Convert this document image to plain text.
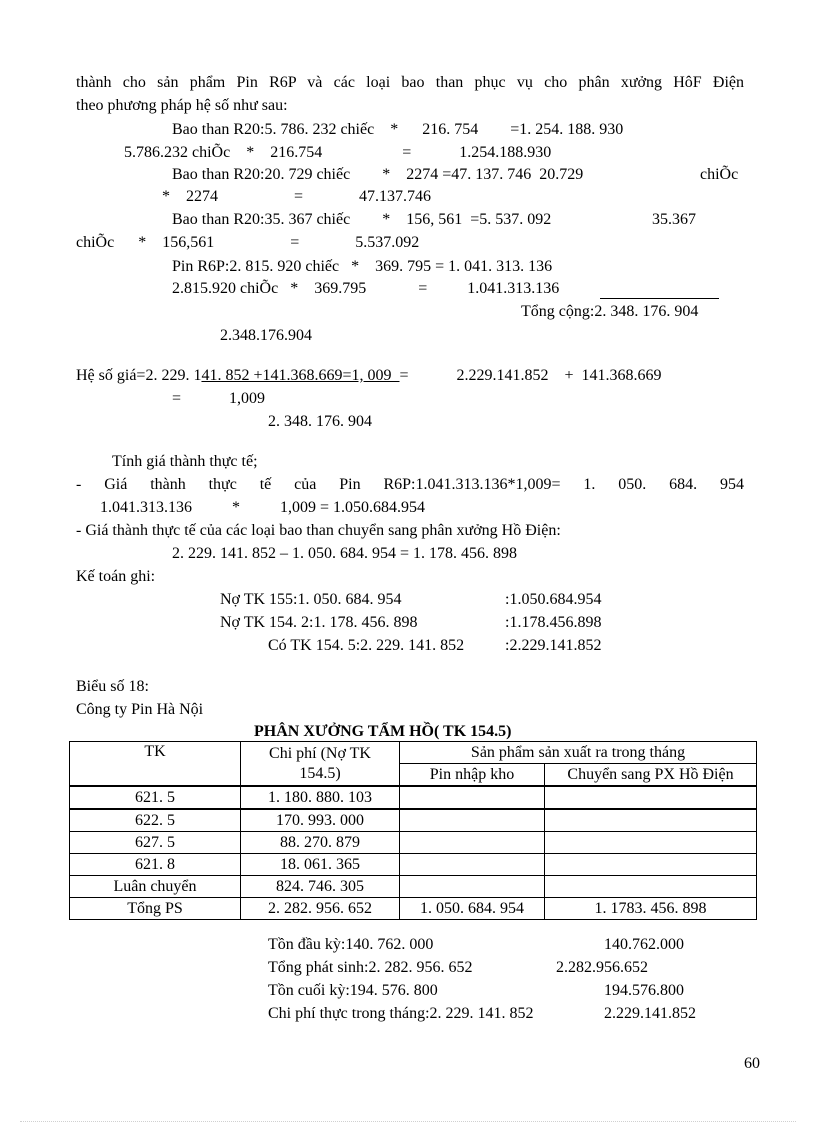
thành cho sản phẩm Pin R6P và các loại bao than phục vụ cho phân xưởng HôF Điện
theo phương pháp hệ số như sau:
Bao than R20:5. 786. 232 chiếc    *      216. 754        =1. 254. 188. 930
5.786.232 chiÕc    *    216.754                    =            1.254.188.930
Bao than R20:20. 729 chiếc        *    2274 =47. 137. 746  20.729	chiÕc
*    2274                   =              47.137.746
Bao than R20:35. 367 chiếc        *    156, 561  =5. 537. 092	35.367
chiÕc      *    156,561                   =              5.537.092
Pin R6P:2. 815. 920 chiếc   *    369. 795 = 1. 041. 313. 136
2.815.920 chiÕc   *    369.795             =          1.041.313.136
Tổng cộng:2. 348. 176. 904
2.348.176.904
Hệ số giá=2. 229. 141. 852 +141.368.669=1, 009  =            2.229.141.852    +  141.368.669
=            1,009
2. 348. 176. 904
Tính giá thành thực tế;
- Giá thành thực tế của Pin R6P:1.041.313.136*1,009= 1. 050. 684. 954
1.041.313.136          *          1,009 = 1.050.684.954
- Giá thành thực tế của các loại bao than chuyển sang phân xưởng Hồ Điện:
2. 229. 141. 852 – 1. 050. 684. 954 = 1. 178. 456. 898
Kế toán ghi:
Nợ TK 155:1. 050. 684. 954	:1.050.684.954
Nợ TK 154. 2:1. 178. 456. 898	:1.178.456.898
Có TK 154. 5:2. 229. 141. 852	:2.229.141.852
Biểu số 18:
Công ty Pin Hà Nội
PHÂN XƯỞNG TẨM HỒ( TK 154.5)
TK	Chi phí (Nợ TK 154.5)	Sản phẩm sản xuất ra trong tháng	
		Pin nhập kho	Chuyển sang PX Hồ Điện
621. 5	1. 180. 880. 103		
622. 5	170. 993. 000		
627. 5	88. 270. 879		
621. 8	18. 061. 365		
Luân chuyển	824. 746. 305		
Tổng PS	2. 282. 956. 652	1. 050. 684. 954	1. 1783. 456. 898
Tồn đầu kỳ:140. 762. 000	140.762.000
Tổng phát sinh:2. 282. 956. 652	2.282.956.652
Tồn cuối kỳ:194. 576. 800	194.576.800
Chi phí thực trong tháng:2. 229. 141. 852	2.229.141.852
60
